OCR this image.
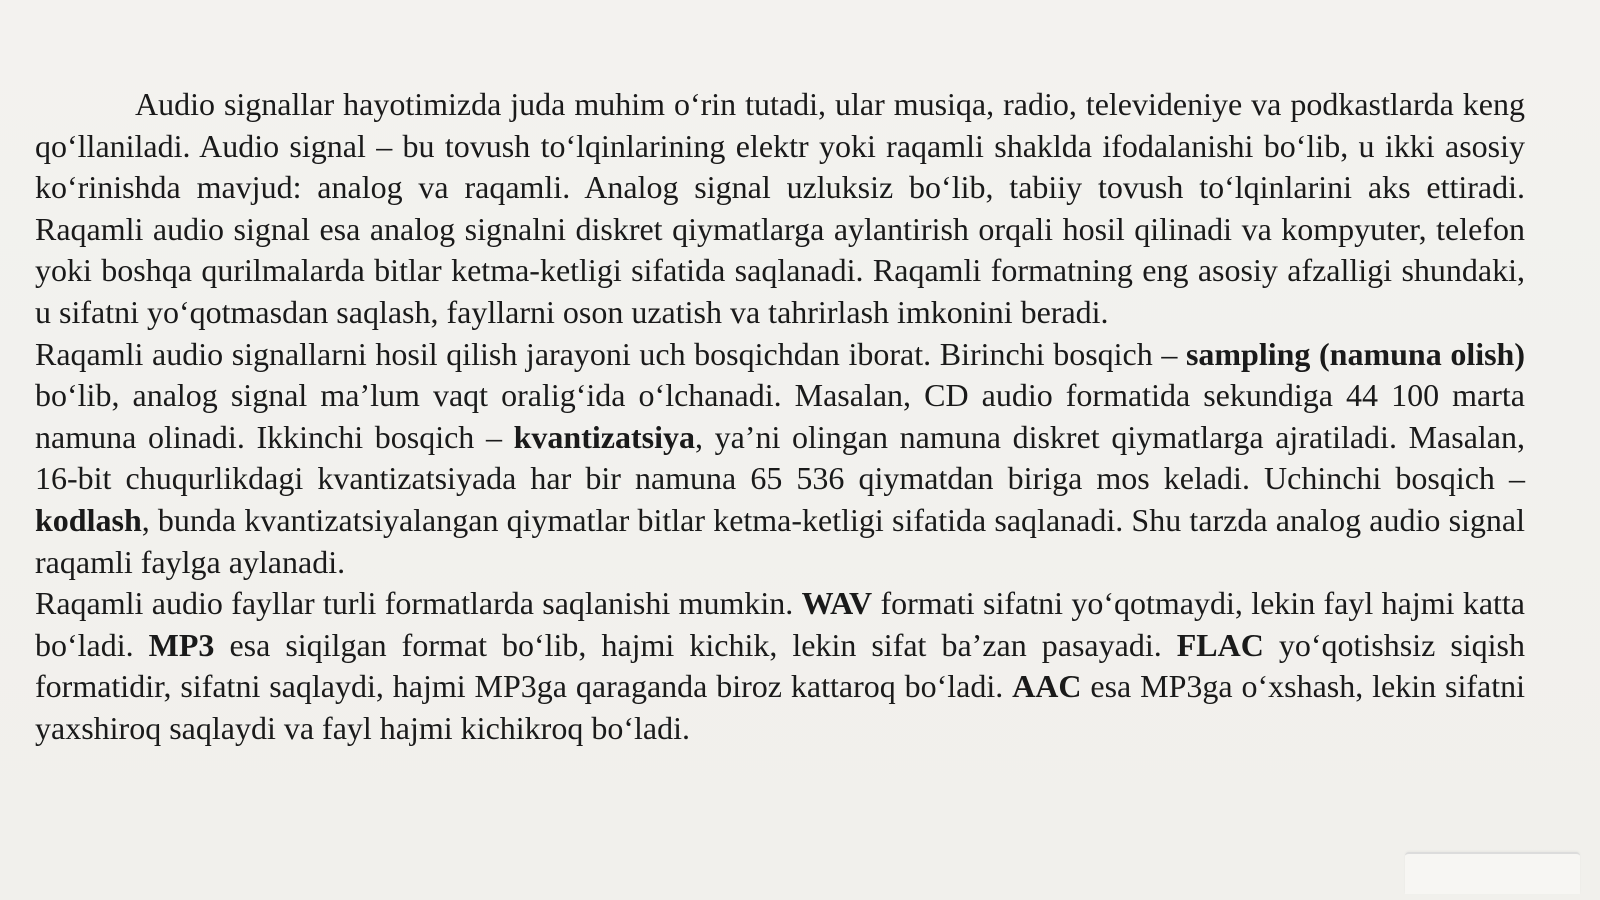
Audio signallar hayotimizda juda muhim o‘rin tutadi, ular musiqa, radio, televideniye va podkastlarda keng qo‘llaniladi. Audio signal – bu tovush to‘lqinlarining elektr yoki raqamli shaklda ifodalanishi bo‘lib, u ikki asosiy ko‘rinishda mavjud: analog va raqamli. Analog signal uzluksiz bo‘lib, tabiiy tovush to‘lqinlarini aks ettiradi. Raqamli audio signal esa analog signalni diskret qiymatlarga aylantirish orqali hosil qilinadi va kompyuter, telefon yoki boshqa qurilmalarda bitlar ketma-ketligi sifatida saqlanadi. Raqamli formatning eng asosiy afzalligi shundaki, u sifatni yo‘qotmasdan saqlash, fayllarni oson uzatish va tahrirlash imkonini beradi.

Raqamli audio signallarni hosil qilish jarayoni uch bosqichdan iborat. Birinchi bosqich – sampling (namuna olish) bo‘lib, analog signal ma’lum vaqt oralig‘ida o‘lchanadi. Masalan, CD audio formatida sekundiga 44 100 marta namuna olinadi. Ikkinchi bosqich – kvantizatsiya, ya’ni olingan namuna diskret qiymatlarga ajratiladi. Masalan, 16-bit chuqurlikdagi kvantizatsiyada har bir namuna 65 536 qiymatdan biriga mos keladi. Uchinchi bosqich – kodlash, bunda kvantizatsiyalangan qiymatlar bitlar ketma-ketligi sifatida saqlanadi. Shu tarzda analog audio signal raqamli faylga aylanadi.

Raqamli audio fayllar turli formatlarda saqlanishi mumkin. WAV formati sifatni yo‘qotmaydi, lekin fayl hajmi katta bo‘ladi. MP3 esa siqilgan format bo‘lib, hajmi kichik, lekin sifat ba’zan pasayadi. FLAC yo‘qotishsiz siqish formatidir, sifatni saqlaydi, hajmi MP3ga qaraganda biroz kattaroq bo‘ladi. AAC esa MP3ga o‘xshash, lekin sifatni yaxshiroq saqlaydi va fayl hajmi kichikroq bo‘ladi.
